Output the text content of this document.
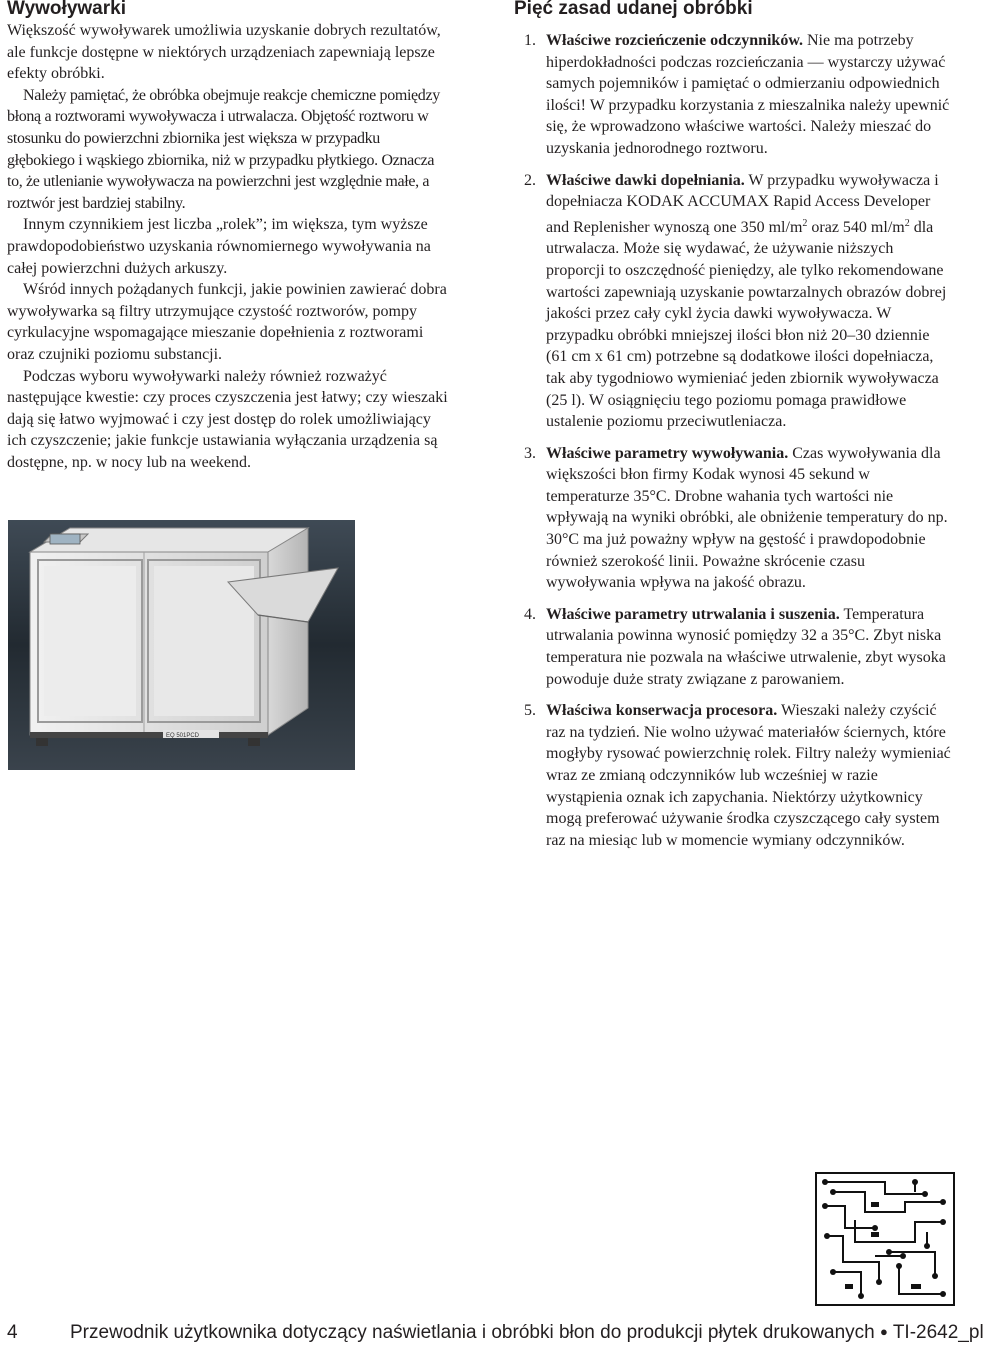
Wywoływarki

Większość wywoływarek umożliwia uzyskanie dobrych rezultatów, ale funkcje dostępne w niektórych urządzeniach zapewniają lepsze efekty obróbki.

Należy pamiętać, że obróbka obejmuje reakcje chemiczne pomiędzy błoną a roztworami wywoływacza i utrwalacza. Objętość roztworu w stosunku do powierzchni zbiornika jest większa w przypadku głębokiego i wąskiego zbiornika, niż w przypadku płytkiego. Oznacza to, że utlenianie wywoływacza na powierzchni jest względnie małe, a roztwór jest bardziej stabilny.

Innym czynnikiem jest liczba „rolek”; im większa, tym wyższe prawdopodobieństwo uzyskania równomiernego wywoływania na całej powierzchni dużych arkuszy.

Wśród innych pożądanych funkcji, jakie powinien zawierać dobra wywoływarka są filtry utrzymujące czystość roztworów, pompy cyrkulacyjne wspomagające mieszanie dopełnienia z roztworami oraz czujniki poziomu substancji.

Podczas wyboru wywoływarki należy również rozważyć następujące kwestie: czy proces czyszczenia jest łatwy; czy wieszaki dają się łatwo wyjmować i czy jest dostęp do rolek umożliwiający ich czyszczenie; jakie funkcje ustawiania wyłączania urządzenia są dostępne, np. w nocy lub na weekend.

EQ 501PCD
Pięć zasad udanej obróbki
1. Właściwe rozcieńczenie odczynników. Nie ma potrzeby hiperdokładności podczas rozcieńczania — wystarczy używać samych pojemników i pamiętać o odmierzaniu odpowiednich ilości! W przypadku korzystania z mieszalnika należy upewnić się, że wprowadzono właściwe wartości. Należy mieszać do uzyskania jednorodnego roztworu.
2. Właściwe dawki dopełniania. W przypadku wywoływacza i dopełniacza KODAK ACCUMAX Rapid Access Developer and Replenisher wynoszą one 350 $ml/m^2$ oraz 540 $ml/m^2$ dla utrwalacza. Może się wydawać, że używanie niższych proporcji to oszczędność pieniędzy, ale tylko rekomendowane wartości zapewniają uzyskanie powtarzalnych obrazów dobrej jakości przez cały cykl życia dawki wywoływacza. W przypadku obróbki mniejszej ilości błon niż 20–30 dziennie (61 cm x 61 cm) potrzebne są dodatkowe ilości dopełniacza, tak aby tygodniowo wymieniać jeden zbiornik wywoływacza (25 l). W osiągnięciu tego poziomu pomaga prawidłowe ustalenie poziomu przeciwutleniacza.
3. Właściwe parametry wywoływania. Czas wywoływania dla większości błon firmy Kodak wynosi 45 sekund w temperaturze 35°C. Drobne wahania tych wartości nie wpływają na wyniki obróbki, ale obniżenie temperatury do np. 30°C ma już poważny wpływ na gęstość i prawdopodobnie również szerokość linii. Poważne skrócenie czasu wywoływania wpływa na jakość obrazu.
4. Właściwe parametry utrwalania i suszenia. Temperatura utrwalania powinna wynosić pomiędzy 32 a 35°C. Zbyt niska temperatura nie pozwala na właściwe utrwalenie, zbyt wysoka powoduje duże straty związane z parowaniem.
5. Właściwa konserwacja procesora. Wieszaki należy czyścić raz na tydzień. Nie wolno używać materiałów ściernych, które mogłyby rysować powierzchnię rolek. Filtry należy wymieniać wraz ze zmianą odczynników lub wcześniej w razie wystąpienia oznak ich zapychania. Niektórzy użytkownicy mogą preferować używanie środka czyszczącego cały system raz na miesiąc lub w momencie wymiany odczynników.
4	Przewodnik użytkownika dotyczący naświetlania i obróbki błon do produkcji płytek drukowanych ● TI-2642_pl
